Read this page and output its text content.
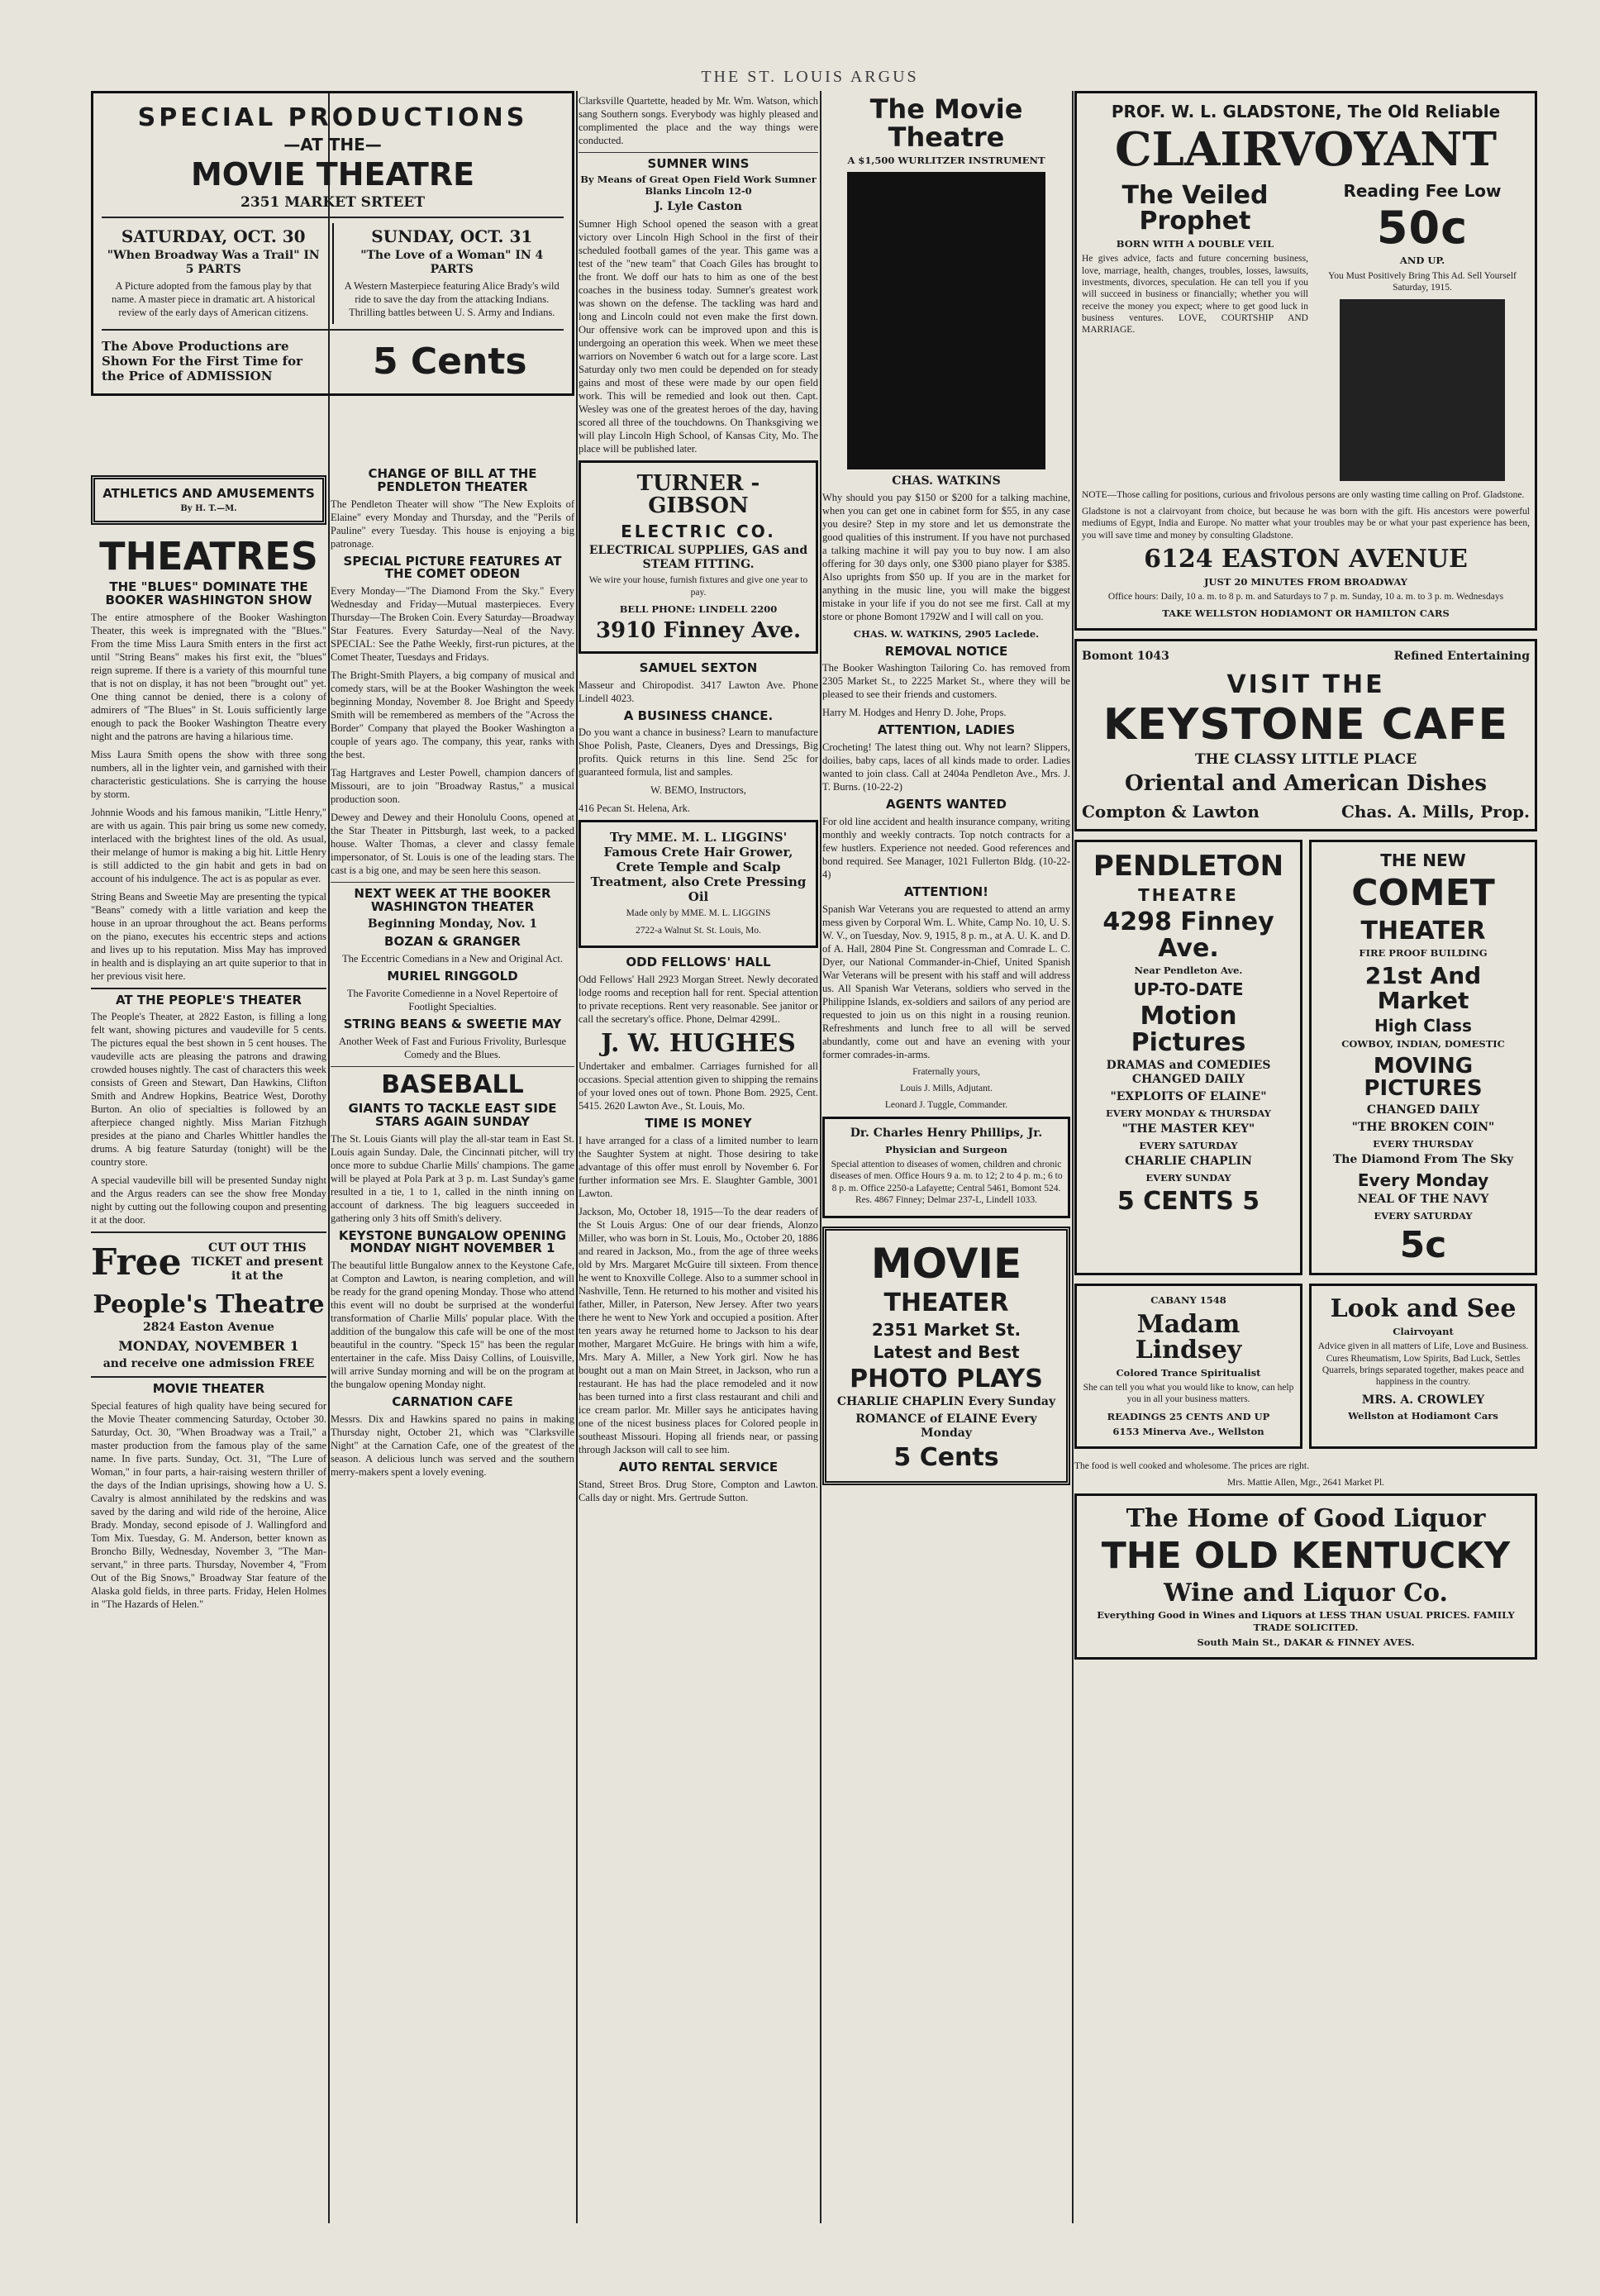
THE ST. LOUIS ARGUS
SPECIAL PRODUCTIONS
—AT THE—
MOVIE THEATRE
2351 MARKET SRTEET
SATURDAY, OCT. 30
"When Broadway Was a Trail" IN 5 PARTS
A Picture adopted from the famous play by that name. A master piece in dramatic art. A historical review of the early days of American citizens.
SUNDAY, OCT. 31
"The Love of a Woman" IN 4 PARTS
A Western Masterpiece featuring Alice Brady's wild ride to save the day from the attacking Indians. Thrilling battles between U. S. Army and Indians.
The Above Productions are Shown For the First Time for the Price of ADMISSION	5 Cents
ATHLETICS AND AMUSEMENTS
By H. T.—M.
THEATRES
THE "BLUES" DOMINATE THE BOOKER WASHINGTON SHOW
The entire atmosphere of the Booker Washington Theater, this week is impregnated with the "Blues." From the time Miss Laura Smith enters in the first act until "String Beans" makes his first exit, the "blues" reign supreme. If there is a variety of this mournful tune that is not on display, it has not been "brought out" yet. One thing cannot be denied, there is a colony of admirers of "The Blues" in St. Louis sufficiently large enough to pack the Booker Washington Theatre every night and the patrons are having a hilarious time.
Miss Laura Smith opens the show with three song numbers, all in the lighter vein, and garnished with their characteristic gesticulations. She is carrying the house by storm.
Johnnie Woods and his famous manikin, "Little Henry," are with us again. This pair bring us some new comedy, interlaced with the brightest lines of the old. As usual, their melange of humor is making a big hit. Little Henry is still addicted to the gin habit and gets in bad on account of his indulgence. The act is as popular as ever.
String Beans and Sweetie May are presenting the typical "Beans" comedy with a little variation and keep the house in an uproar throughout the act. Beans performs on the piano, executes his eccentric steps and actions and lives up to his reputation. Miss May has improved in health and is displaying an art quite superior to that in her previous visit here.
AT THE PEOPLE'S THEATER
The People's Theater, at 2822 Easton, is filling a long felt want, showing pictures and vaudeville for 5 cents. The pictures equal the best shown in 5 cent houses. The vaudeville acts are pleasing the patrons and drawing crowded houses nightly. The cast of characters this week consists of Green and Stewart, Dan Hawkins, Clifton Smith and Andrew Hopkins, Beatrice West, Dorothy Burton. An olio of specialties is followed by an afterpiece changed nightly. Miss Marian Fitzhugh presides at the piano and Charles Whittler handles the drums. A big feature Saturday (tonight) will be the country store.
A special vaudeville bill will be presented Sunday night and the Argus readers can see the show free Monday night by cutting out the following coupon and presenting it at the door.
Free	CUT OUT THIS TICKET and present it at the
People's Theatre
2824 Easton Avenue
MONDAY, NOVEMBER 1
and receive one admission FREE
MOVIE THEATER
Special features of high quality have being secured for the Movie Theater commencing Saturday, October 30. Saturday, Oct. 30, "When Broadway was a Trail," a master production from the famous play of the same name. In five parts. Sunday, Oct. 31, "The Lure of Woman," in four parts, a hair-raising western thriller of the days of the Indian uprisings, showing how a U. S. Cavalry is almost annihilated by the redskins and was saved by the daring and wild ride of the heroine, Alice Brady. Monday, second episode of J. Wallingford and Tom Mix. Tuesday, G. M. Anderson, better known as Broncho Billy, Wednesday, November 3, "The Man-servant," in three parts. Thursday, November 4, "From Out of the Big Snows," Broadway Star feature of the Alaska gold fields, in three parts. Friday, Helen Holmes in "The Hazards of Helen."
CHANGE OF BILL AT THE PENDLETON THEATER
The Pendleton Theater will show "The New Exploits of Elaine" every Monday and Thursday, and the "Perils of Pauline" every Tuesday. This house is enjoying a big patronage.
SPECIAL PICTURE FEATURES AT THE COMET ODEON
Every Monday—"The Diamond From the Sky." Every Wednesday and Friday—Mutual masterpieces. Every Thursday—The Broken Coin. Every Saturday—Broadway Star Features. Every Saturday—Neal of the Navy. SPECIAL: See the Pathe Weekly, first-run pictures, at the Comet Theater, Tuesdays and Fridays.
The Bright-Smith Players, a big company of musical and comedy stars, will be at the Booker Washington the week beginning Monday, November 8. Joe Bright and Speedy Smith will be remembered as members of the "Across the Border" Company that played the Booker Washington a couple of years ago. The company, this year, ranks with the best.
Tag Hartgraves and Lester Powell, champion dancers of Missouri, are to join "Broadway Rastus," a musical production soon.
Dewey and Dewey and their Honolulu Coons, opened at the Star Theater in Pittsburgh, last week, to a packed house. Walter Thomas, a clever and classy female impersonator, of St. Louis is one of the leading stars. The cast is a big one, and may be seen here this season.
NEXT WEEK AT THE BOOKER WASHINGTON THEATER
Beginning Monday, Nov. 1
BOZAN & GRANGER
The Eccentric Comedians in a New and Original Act.
MURIEL RINGGOLD
The Favorite Comedienne in a Novel Repertoire of Footlight Specialties.
STRING BEANS & SWEETIE MAY
Another Week of Fast and Furious Frivolity, Burlesque Comedy and the Blues.
BASEBALL
GIANTS TO TACKLE EAST SIDE STARS AGAIN SUNDAY
The St. Louis Giants will play the all-star team in East St. Louis again Sunday. Dale, the Cincinnati pitcher, will try once more to subdue Charlie Mills' champions. The game will be played at Pola Park at 3 p. m. Last Sunday's game resulted in a tie, 1 to 1, called in the ninth inning on account of darkness. The big leaguers succeeded in gathering only 3 hits off Smith's delivery.
KEYSTONE BUNGALOW OPENING MONDAY NIGHT NOVEMBER 1
The beautiful little Bungalow annex to the Keystone Cafe, at Compton and Lawton, is nearing completion, and will be ready for the grand opening Monday. Those who attend this event will no doubt be surprised at the wonderful transformation of Charlie Mills' popular place. With the addition of the bungalow this cafe will be one of the most beautiful in the country. "Speck 15" has been the regular entertainer in the cafe. Miss Daisy Collins, of Louisville, will arrive Sunday morning and will be on the program at the bungalow opening Monday night.
CARNATION CAFE
Messrs. Dix and Hawkins spared no pains in making Thursday night, October 21, which was "Clarksville Night" at the Carnation Cafe, one of the greatest of the season. A delicious lunch was served and the southern merry-makers spent a lovely evening.
Clarksville Quartette, headed by Mr. Wm. Watson, which sang Southern songs. Everybody was highly pleased and complimented the place and the way things were conducted.
SUMNER WINS
By Means of Great Open Field Work Sumner Blanks Lincoln 12-0
J. Lyle Caston
Sumner High School opened the season with a great victory over Lincoln High School in the first of their scheduled football games of the year. This game was a test of the "new team" that Coach Giles has brought to the front. We doff our hats to him as one of the best coaches in the business today. Sumner's greatest work was shown on the defense. The tackling was hard and long and Lincoln could not even make the first down. Our offensive work can be improved upon and this is undergoing an operation this week. When we meet these warriors on November 6 watch out for a large score. Last Saturday only two men could be depended on for steady gains and most of these were made by our open field work. This will be remedied and look out then. Capt. Wesley was one of the greatest heroes of the day, having scored all three of the touchdowns. On Thanksgiving we will play Lincoln High School, of Kansas City, Mo. The place will be published later.
TURNER - GIBSON
ELECTRIC CO.
ELECTRICAL SUPPLIES, GAS and STEAM FITTING.
We wire your house, furnish fixtures and give one year to pay.
BELL PHONE: LINDELL 2200
3910 Finney Ave.
SAMUEL SEXTON
Masseur and Chiropodist. 3417 Lawton Ave. Phone Lindell 4023.
A BUSINESS CHANCE.
Do you want a chance in business? Learn to manufacture Shoe Polish, Paste, Cleaners, Dyes and Dressings, Big profits. Quick returns in this line. Send 25c for guaranteed formula, list and samples.
W. BEMO, Instructors,
416 Pecan St. Helena, Ark.
Try MME. M. L. LIGGINS' Famous Crete Hair Grower, Crete Temple and Scalp Treatment, also Crete Pressing Oil
Made only by MME. M. L. LIGGINS
2722-a Walnut St. St. Louis, Mo.
ODD FELLOWS' HALL
Odd Fellows' Hall 2923 Morgan Street. Newly decorated lodge rooms and reception hall for rent. Special attention to private receptions. Rent very reasonable. See janitor or call the secretary's office. Phone, Delmar 4299L.
J. W. HUGHES
Undertaker and embalmer. Carriages furnished for all occasions. Special attention given to shipping the remains of your loved ones out of town. Phone Bom. 2925, Cent. 5415. 2620 Lawton Ave., St. Louis, Mo.
TIME IS MONEY
I have arranged for a class of a limited number to learn the Saughter System at night. Those desiring to take advantage of this offer must enroll by November 6. For further information see Mrs. E. Slaughter Gamble, 3001 Lawton.
Jackson, Mo, October 18, 1915—To the dear readers of the St Louis Argus: One of our dear friends, Alonzo Miller, who was born in St. Louis, Mo., October 20, 1886 and reared in Jackson, Mo., from the age of three weeks old by Mrs. Margaret McGuire till sixteen. From thence he went to Knoxville College. Also to a summer school in Nashville, Tenn. He returned to his mother and visited his father, Miller, in Paterson, New Jersey. After two years there he went to New York and occupied a position. After ten years away he returned home to Jackson to his dear mother, Margaret McGuire. He brings with him a wife, Mrs. Mary A. Miller, a New York girl. Now he has bought out a man on Main Street, in Jackson, who run a restaurant. He has had the place remodeled and it now has been turned into a first class restaurant and chili and ice cream parlor. Mr. Miller says he anticipates having one of the nicest business places for Colored people in southeast Missouri. Hoping all friends near, or passing through Jackson will call to see him.
AUTO RENTAL SERVICE
Stand, Street Bros. Drug Store, Compton and Lawton. Calls day or night. Mrs. Gertrude Sutton.
The Movie Theatre
A $1,500 WURLITZER INSTRUMENT
CHAS. WATKINS
Why should you pay $150 or $200 for a talking machine, when you can get one in cabinet form for $55, in any case you desire? Step in my store and let us demonstrate the good qualities of this instrument. If you have not purchased a talking machine it will pay you to buy now. I am also offering for 30 days only, one $300 piano player for $385. Also uprights from $50 up. If you are in the market for anything in the music line, you will make the biggest mistake in your life if you do not see me first. Call at my store or phone Bomont 1792W and I will call on you.
CHAS. W. WATKINS, 2905 Laclede.
REMOVAL NOTICE
The Booker Washington Tailoring Co. has removed from 2305 Market St., to 2225 Market St., where they will be pleased to see their friends and customers.
Harry M. Hodges and Henry D. Johe, Props.
ATTENTION, LADIES
Crocheting! The latest thing out. Why not learn? Slippers, doilies, baby caps, laces of all kinds made to order. Ladies wanted to join class. Call at 2404a Pendleton Ave., Mrs. J. T. Burns. (10-22-2)
AGENTS WANTED
For old line accident and health insurance company, writing monthly and weekly contracts. Top notch contracts for a few hustlers. Experience not needed. Good references and bond required. See Manager, 1021 Fullerton Bldg. (10-22-4)
ATTENTION!
Spanish War Veterans you are requested to attend an army mess given by Corporal Wm. L. White, Camp No. 10, U. S. W. V., on Tuesday, Nov. 9, 1915, 8 p. m., at A. U. K. and D. of A. Hall, 2804 Pine St. Congressman and Comrade L. C. Dyer, our National Commander-in-Chief, United Spanish War Veterans will be present with his staff and will address us. All Spanish War Veterans, soldiers who served in the Philippine Islands, ex-soldiers and sailors of any period are requested to join us on this night in a rousing reunion. Refreshments and lunch free to all will be served abundantly, come out and have an evening with your former comrades-in-arms.
Fraternally yours,
Louis J. Mills, Adjutant.
Leonard J. Tuggle, Commander.
Dr. Charles Henry Phillips, Jr.
Physician and Surgeon
Special attention to diseases of women, children and chronic diseases of men. Office Hours 9 a. m. to 12; 2 to 4 p. m.; 6 to 8 p. m. Office 2250-a Lafayette; Central 5461, Bomont 524. Res. 4867 Finney; Delmar 237-L, Lindell 1033.
MOVIE
THEATER
2351 Market St.
Latest and Best
PHOTO PLAYS
CHARLIE CHAPLIN Every Sunday
ROMANCE of ELAINE Every Monday
5 Cents
PROF. W. L. GLADSTONE, The Old Reliable
CLAIRVOYANT
The Veiled Prophet
BORN WITH A DOUBLE VEIL
He gives advice, facts and future concerning business, love, marriage, health, changes, troubles, losses, lawsuits, investments, divorces, speculation. He can tell you if you will succeed in business or financially; whether you will receive the money you expect; where to get good luck in business ventures. LOVE, COURTSHIP AND MARRIAGE.
Reading Fee Low
50c
AND UP.
You Must Positively Bring This Ad. Sell Yourself Saturday, 1915.
NOTE—Those calling for positions, curious and frivolous persons are only wasting time calling on Prof. Gladstone.
Gladstone is not a clairvoyant from choice, but because he was born with the gift. His ancestors were powerful mediums of Egypt, India and Europe. No matter what your troubles may be or what your past experience has been, you will save time and money by consulting Gladstone.
6124 EASTON AVENUE
JUST 20 MINUTES FROM BROADWAY
Office hours: Daily, 10 a. m. to 8 p. m. and Saturdays to 7 p. m. Sunday, 10 a. m. to 3 p. m. Wednesdays
TAKE WELLSTON HODIAMONT OR HAMILTON CARS
Bomont 1043	Refined Entertaining
VISIT THE
KEYSTONE CAFE
THE CLASSY LITTLE PLACE
Oriental and American Dishes
Compton & Lawton	Chas. A. Mills, Prop.
PENDLETON
THEATRE
4298 Finney Ave.
Near Pendleton Ave.
UP-TO-DATE
Motion Pictures
DRAMAS and COMEDIES CHANGED DAILY
"EXPLOITS OF ELAINE"
EVERY MONDAY & THURSDAY
"THE MASTER KEY"
EVERY SATURDAY
CHARLIE CHAPLIN
EVERY SUNDAY
5 CENTS 5
THE NEW
COMET
THEATER
FIRE PROOF BUILDING
21st And Market
High Class
COWBOY, INDIAN, DOMESTIC
MOVING PICTURES
CHANGED DAILY
"THE BROKEN COIN"
EVERY THURSDAY
The Diamond From The Sky
Every Monday
NEAL OF THE NAVY
EVERY SATURDAY
5c
CABANY 1548
Madam Lindsey
Colored Trance Spiritualist
She can tell you what you would like to know, can help you in all your business matters.
READINGS 25 CENTS AND UP
6153 Minerva Ave., Wellston
Look and See
Clairvoyant
Advice given in all matters of Life, Love and Business. Cures Rheumatism, Low Spirits, Bad Luck, Settles Quarrels, brings separated together, makes peace and happiness in the country.
MRS. A. CROWLEY
Wellston at Hodiamont Cars
The food is well cooked and wholesome. The prices are right.
Mrs. Mattie Allen, Mgr., 2641 Market Pl.
The Home of Good Liquor
THE OLD KENTUCKY
Wine and Liquor Co.
Everything Good in Wines and Liquors at LESS THAN USUAL PRICES. FAMILY TRADE SOLICITED.
South Main St., DAKAR & FINNEY AVES.
